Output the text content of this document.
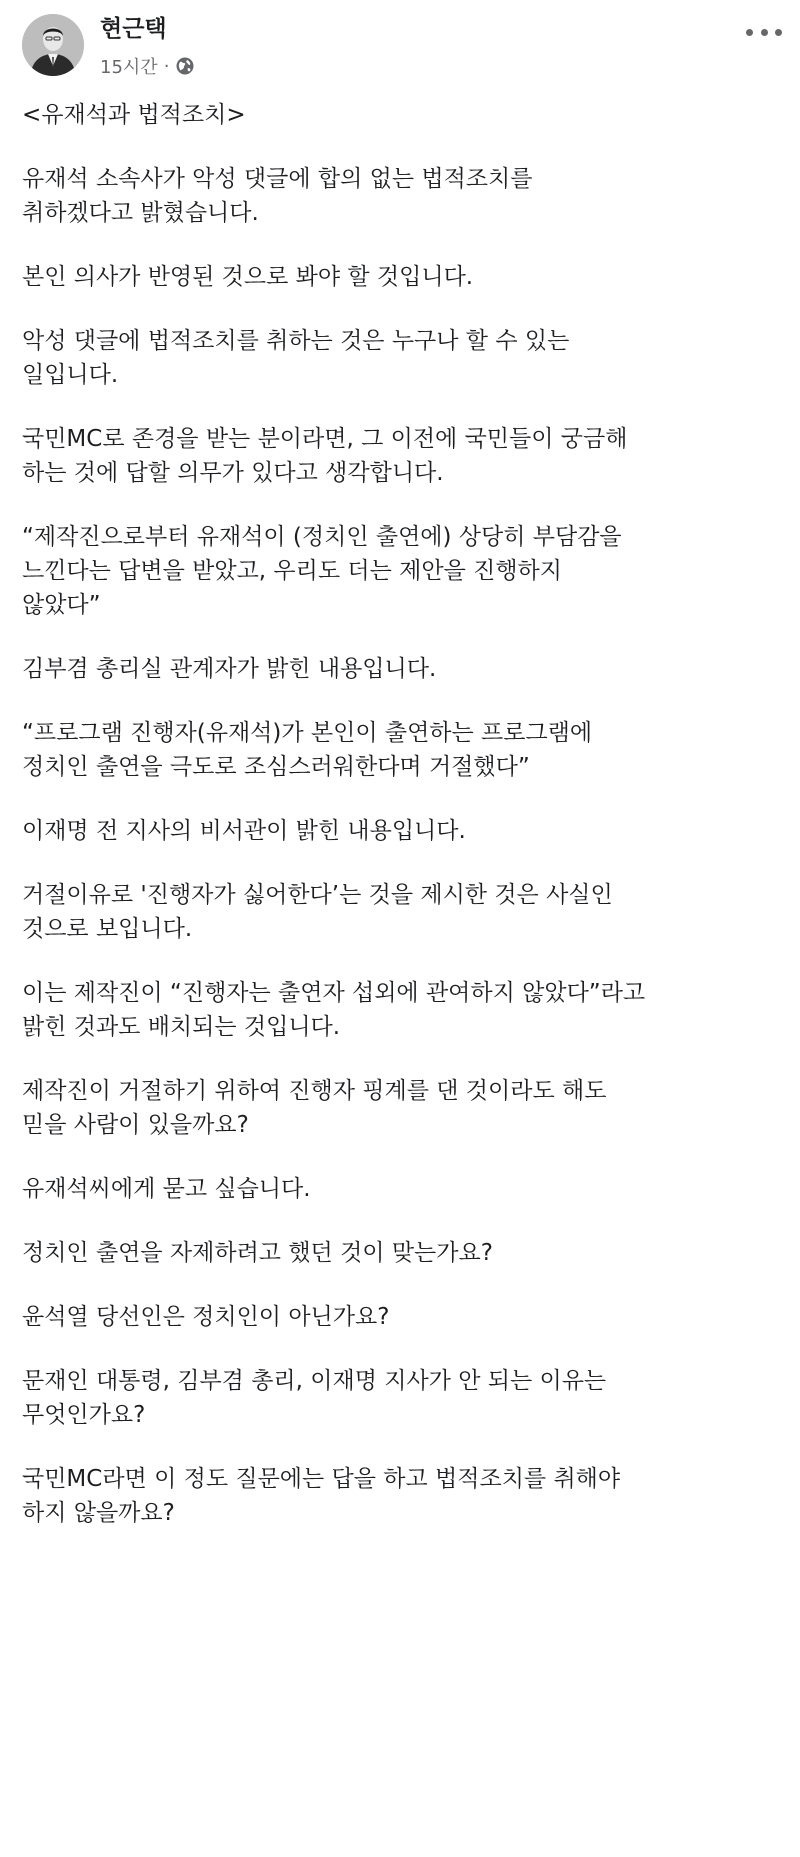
현근택
15시간 ·

<유재석과 법적조치>

유재석 소속사가 악성 댓글에 합의 없는 법적조치를
취하겠다고 밝혔습니다.

본인 의사가 반영된 것으로 봐야 할 것입니다.

악성 댓글에 법적조치를 취하는 것은 누구나 할 수 있는
일입니다.

국민MC로 존경을 받는 분이라면, 그 이전에 국민들이 궁금해
하는 것에 답할 의무가 있다고 생각합니다.

“제작진으로부터 유재석이 (정치인 출연에) 상당히 부담감을
느낀다는 답변을 받았고, 우리도 더는 제안을 진행하지
않았다”

김부겸 총리실 관계자가 밝힌 내용입니다.

“프로그램 진행자(유재석)가 본인이 출연하는 프로그램에
정치인 출연을 극도로 조심스러워한다며 거절했다”

이재명 전 지사의 비서관이 밝힌 내용입니다.

거절이유로 '진행자가 싫어한다’는 것을 제시한 것은 사실인
것으로 보입니다.

이는 제작진이 “진행자는 출연자 섭외에 관여하지 않았다”라고
밝힌 것과도 배치되는 것입니다.

제작진이 거절하기 위하여 진행자 핑계를 댄 것이라도 해도
믿을 사람이 있을까요?

유재석씨에게 묻고 싶습니다.

정치인 출연을 자제하려고 했던 것이 맞는가요?

윤석열 당선인은 정치인이 아닌가요?

문재인 대통령, 김부겸 총리, 이재명 지사가 안 되는 이유는
무엇인가요?

국민MC라면 이 정도 질문에는 답을 하고 법적조치를 취해야
하지 않을까요?
